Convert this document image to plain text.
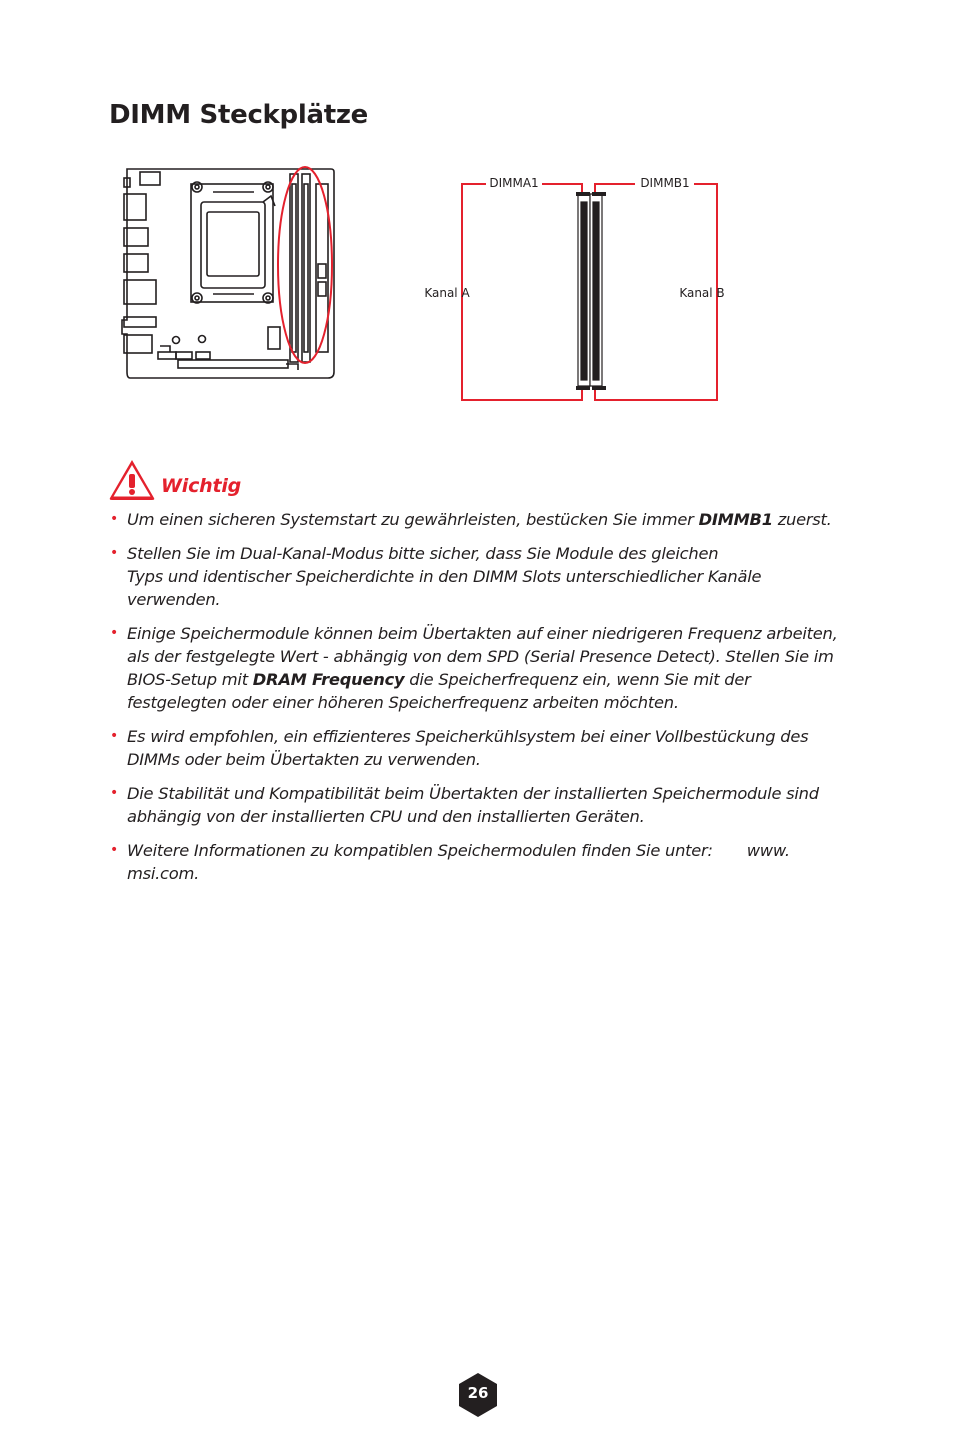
DIMM Steckplätze
DIMMA1	DIMMB1
Kanal A	Kanal B
Wichtig
• Um einen sicheren Systemstart zu gewährleisten, bestücken Sie immer DIMMB1 zuerst.
• Stellen Sie im Dual-Kanal-Modus bitte sicher, dass Sie Module des gleichen
Typs und identischer Speicherdichte in den DIMM Slots unterschiedlicher Kanäle verwenden.
• Einige Speichermodule können beim Übertakten auf einer niedrigeren Frequenz arbeiten, als der festgelegte Wert - abhängig von dem SPD (Serial Presence Detect). Stellen Sie im BIOS-Setup mit DRAM Frequency die Speicherfrequenz ein, wenn Sie mit der festgelegten oder einer höheren Speicherfrequenz arbeiten möchten.
• Es wird empfohlen, ein effizienteres Speicherkühlsystem bei einer Vollbestückung des DIMMs oder beim Übertakten zu verwenden.
• Die Stabilität und Kompatibilität beim Übertakten der installierten Speichermodule sind abhängig von der installierten CPU und den installierten Geräten.
• Weitere Informationen zu kompatiblen Speichermodulen finden Sie unter: www. msi.com.
26
